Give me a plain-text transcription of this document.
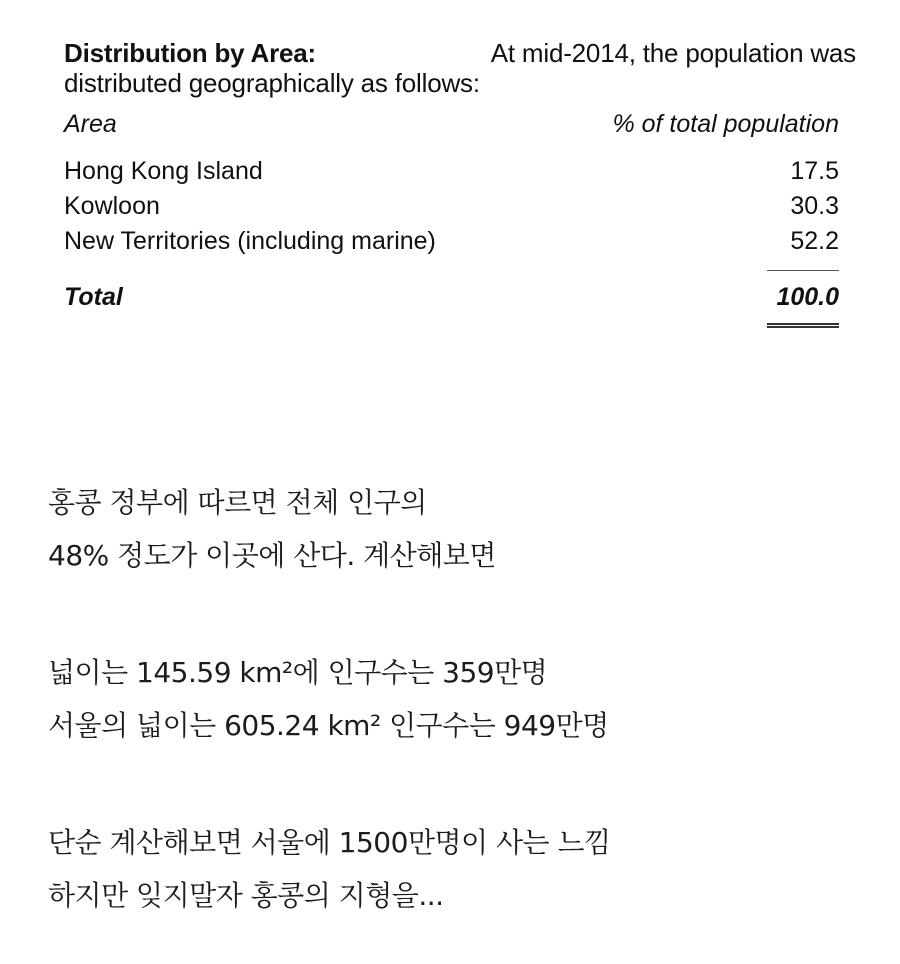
Distribution by Area:	At mid-2014, the population was
distributed geographically as follows:
Area	% of total population
Hong Kong Island	17.5
Kowloon	30.3
New Territories (including marine)	52.2
Total	100.0

홍콩 정부에 따르면 전체 인구의

48% 정도가 이곳에 산다. 계산해보면

넓이는 145.59 km²에 인구수는 359만명

서울의 넓이는 605.24 km² 인구수는 949만명

단순 계산해보면 서울에 1500만명이 사는 느낌

하지만 잊지말자 홍콩의 지형을...
